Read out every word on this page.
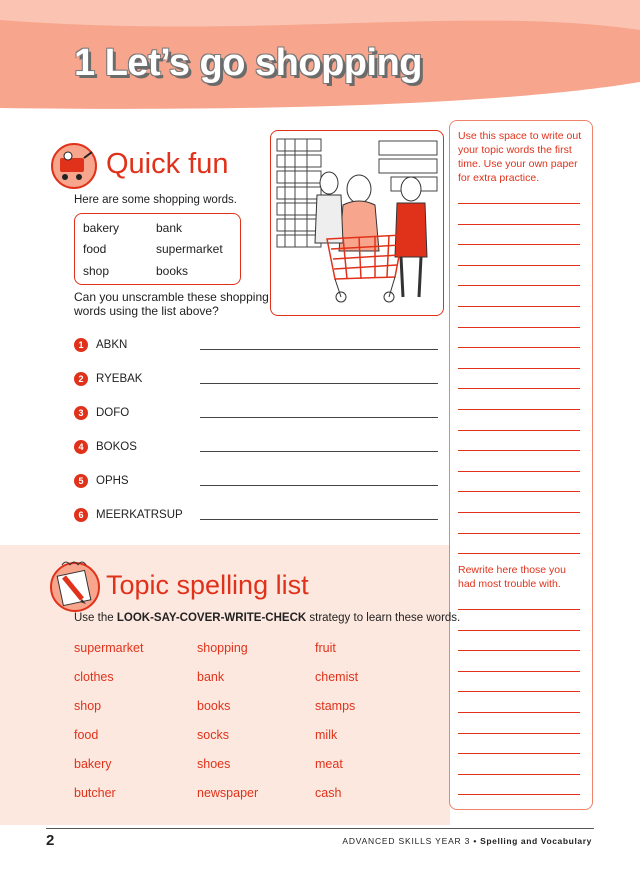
1 Let’s go shopping
Quick fun
Here are some shopping words.
bakery	bank
food	supermarket
shop	books
Can you unscramble these shopping words using the list above?
1	ABKN
2	RYEBAK
3	DOFO
4	BOKOS
5	OPHS
6	MEERKATRSUP
Use this space to write out your topic words the first time. Use your own paper for extra practice.
Rewrite here those you had most trouble with.
Topic spelling list
Use the LOOK-SAY-COVER-WRITE-CHECK strategy to learn these words.
supermarket	shopping	fruit
clothes	bank	chemist
shop	books	stamps
food	socks	milk
bakery	shoes	meat
butcher	newspaper	cash
2	ADVANCED SKILLS YEAR 3 • Spelling and Vocabulary
